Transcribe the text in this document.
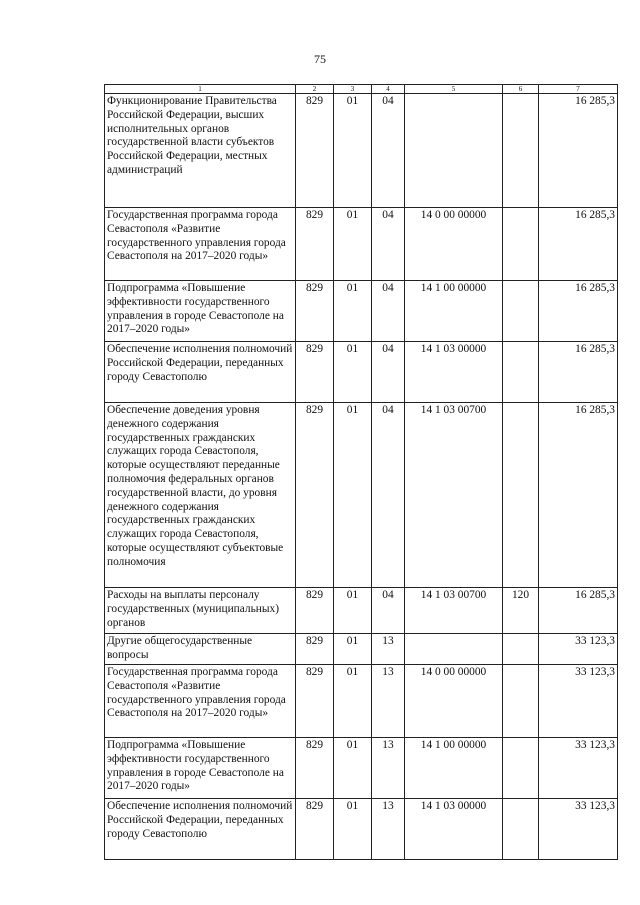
75
1	2	3	4	5	6	7
Функционирование Правительства Российской Федерации, высших исполнительных органов государственной власти субъектов Российской Федерации, местных администраций	829	01	04			16 285,3
Государственная программа города Севастополя «Развитие государственного управления города Севастополя на 2017–2020 годы»	829	01	04	14 0 00 00000		16 285,3
Подпрограмма «Повышение эффективности государственного управления в городе Севастополе на 2017–2020 годы»	829	01	04	14 1 00 00000		16 285,3
Обеспечение исполнения полномочий Российской Федерации, переданных городу Севастополю	829	01	04	14 1 03 00000		16 285,3
Обеспечение доведения уровня денежного содержания государственных гражданских служащих города Севастополя, которые осуществляют переданные полномочия федеральных органов государственной власти, до уровня денежного содержания государственных гражданских служащих города Севастополя, которые осуществляют субъектовые полномочия	829	01	04	14 1 03 00700		16 285,3
Расходы на выплаты персоналу государственных (муниципальных) органов	829	01	04	14 1 03 00700	120	16 285,3
Другие общегосударственные вопросы	829	01	13			33 123,3
Государственная программа города Севастополя «Развитие государственного управления города Севастополя на 2017–2020 годы»	829	01	13	14 0 00 00000		33 123,3
Подпрограмма «Повышение эффективности государственного управления в городе Севастополе на 2017–2020 годы»	829	01	13	14 1 00 00000		33 123,3
Обеспечение исполнения полномочий Российской Федерации, переданных городу Севастополю	829	01	13	14 1 03 00000		33 123,3
